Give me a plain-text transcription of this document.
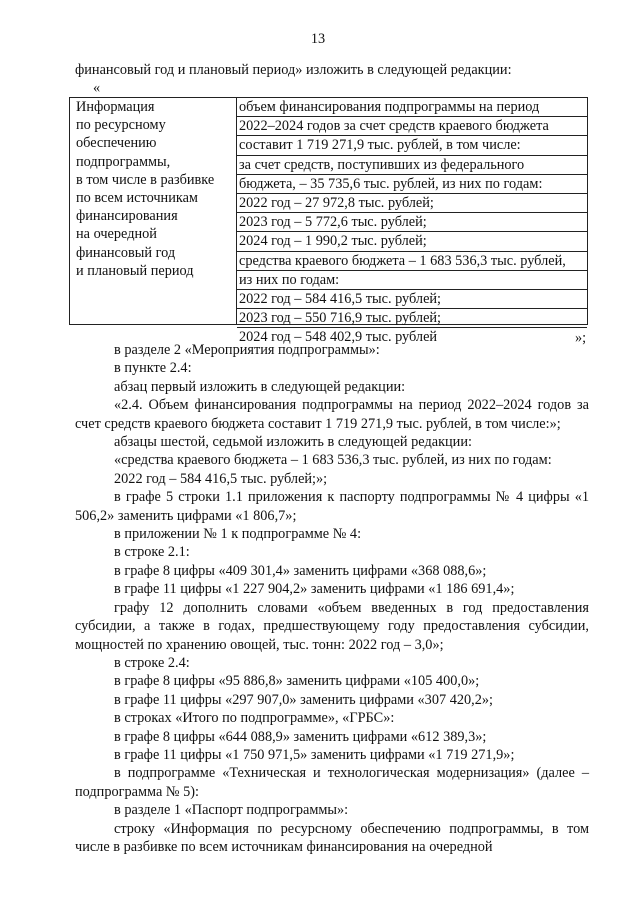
13
финансовый год и плановый период» изложить в следующей редакции:
«
Информация
по ресурсному
обеспечению
подпрограммы,
в том числе в разбивке
по всем источникам
финансирования
на очередной
финансовый год
и плановый период
объем финансирования подпрограммы на период
2022–2024 годов за счет средств краевого бюджета
составит 1 719 271,9 тыс. рублей, в том числе:
за счет средств, поступивших из федерального
бюджета, – 35 735,6 тыс. рублей, из них по годам:
2022 год – 27 972,8 тыс. рублей;
2023 год – 5 772,6 тыс. рублей;
2024 год – 1 990,2 тыс. рублей;
средства краевого бюджета – 1 683 536,3 тыс. рублей,
из них по годам:
2022 год – 584 416,5 тыс. рублей;
2023 год – 550 716,9 тыс. рублей;
2024 год – 548 402,9 тыс. рублей	»;

в разделе 2 «Мероприятия подпрограммы»:

в пункте 2.4:

абзац первый изложить в следующей редакции:

«2.4. Объем финансирования подпрограммы на период 2022–2024 годов за счет средств краевого бюджета составит 1 719 271,9 тыс. рублей, в том числе:»;

абзацы шестой, седьмой изложить в следующей редакции:

«средства краевого бюджета – 1 683 536,3 тыс. рублей, из них по годам:

2022 год – 584 416,5 тыс. рублей;»;

в графе 5 строки 1.1 приложения к паспорту подпрограммы № 4 цифры «1 506,2» заменить цифрами «1 806,7»;

в приложении № 1 к подпрограмме № 4:

в строке 2.1:

в графе 8 цифры «409 301,4» заменить цифрами «368 088,6»;

в графе 11 цифры «1 227 904,2» заменить цифрами «1 186 691,4»;

графу 12 дополнить словами «объем введенных в год предоставления субсидии, а также в годах, предшествующему году предоставления субсидии, мощностей по хранению овощей, тыс. тонн: 2022 год – 3,0»;

в строке 2.4:

в графе 8 цифры «95 886,8» заменить цифрами «105 400,0»;

в графе 11 цифры «297 907,0» заменить цифрами «307 420,2»;

в строках «Итого по подпрограмме», «ГРБС»:

в графе 8 цифры «644 088,9» заменить цифрами «612 389,3»;

в графе 11 цифры «1 750 971,5» заменить цифрами «1 719 271,9»;

в подпрограмме «Техническая и технологическая модернизация» (далее – подпрограмма № 5):

в разделе 1 «Паспорт подпрограммы»:

строку «Информация по ресурсному обеспечению подпрограммы, в том числе в разбивке по всем источникам финансирования на очередной
